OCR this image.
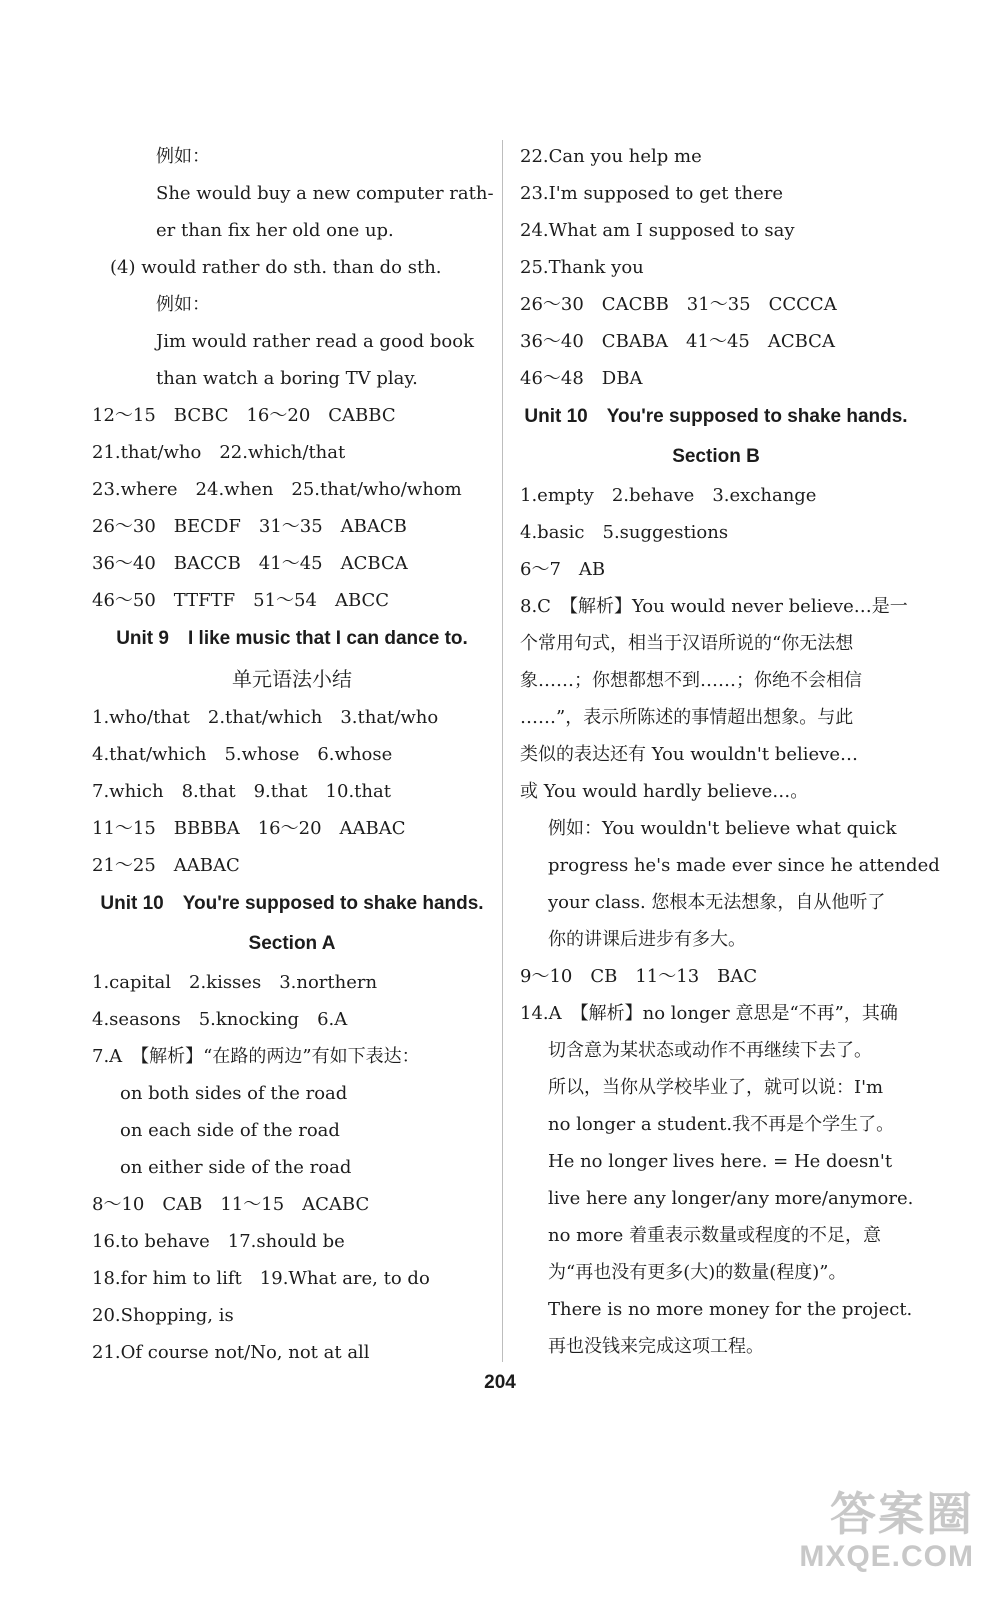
例如：
She would buy a new computer rath-
er than fix her old one up.
(4) would rather do sth. than do sth.
例如：
Jim would rather read a good book
than watch a boring TV play.
12～15　BCBC　16～20　CABBC
21.that/who　22.which/that
23.where　24.when　25.that/who/whom
26～30　BECDF　31～35　ABACB
36～40　BACCB　41～45　ACBCA
46～50　TTFTF　51～54　ABCC
Unit 9　I like music that I can dance to.
单元语法小结
1.who/that　2.that/which　3.that/who
4.that/which　5.whose　6.whose
7.which　8.that　9.that　10.that
11～15　BBBBA　16～20　AABAC
21～25　AABAC
Unit 10　You're supposed to shake hands.
Section A
1.capital　2.kisses　3.northern
4.seasons　5.knocking　6.A
7.A　【解析】“在路的两边”有如下表达：
on both sides of the road
on each side of the road
on either side of the road
8～10　CAB　11～15　ACABC
16.to behave　17.should be
18.for him to lift　19.What are, to do
20.Shopping, is
21.Of course not/No, not at all
22.Can you help me
23.I'm supposed to get there
24.What am I supposed to say
25.Thank you
26～30　CACBB　31～35　CCCCA
36～40　CBABA　41～45　ACBCA
46～48　DBA
Unit 10　You're supposed to shake hands.
Section B
1.empty　2.behave　3.exchange
4.basic　5.suggestions
6～7　AB
8.C　【解析】You would never believe…是一
个常用句式，相当于汉语所说的“你无法想
象……；你想都想不到……；你绝不会相信
……”，表示所陈述的事情超出想象。与此
类似的表达还有 You wouldn't believe…
或 You would hardly believe…。
例如：You wouldn't believe what quick
progress he's made ever since he attended
your class. 您根本无法想象，自从他听了
你的讲课后进步有多大。
9～10　CB　11～13　BAC
14.A　【解析】no longer 意思是“不再”，其确
切含意为某状态或动作不再继续下去了。
所以，当你从学校毕业了，就可以说：I'm
no longer a student.我不再是个学生了。
He no longer lives here. = He doesn't
live here any longer/any more/anymore.
no more 着重表示数量或程度的不足，意
为“再也没有更多(大)的数量(程度)”。
There is no more money for the project.
再也没钱来完成这项工程。
204
答案圈
MXQE.COM
